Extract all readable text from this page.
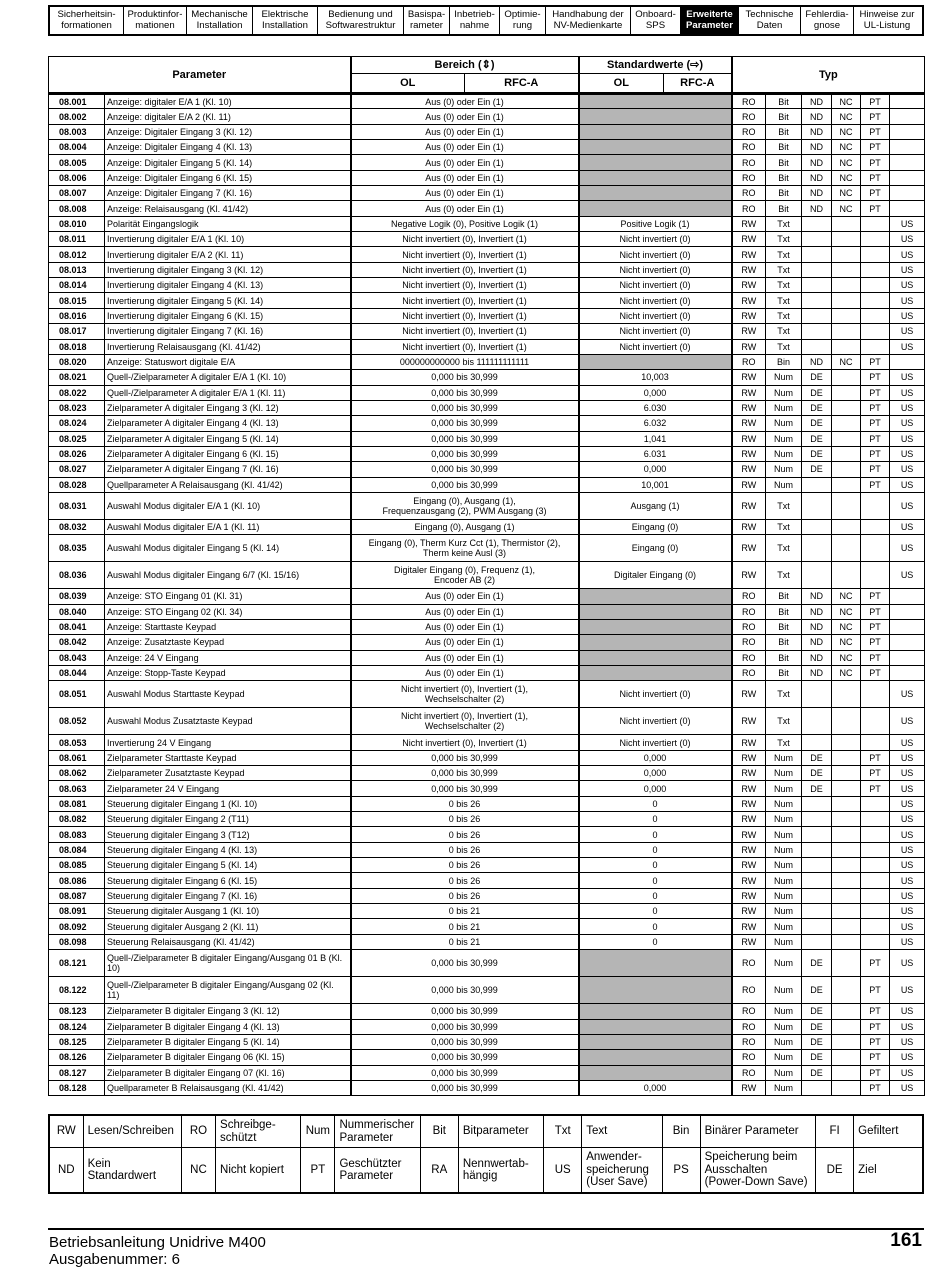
Sicherheitsin-
formationen
Produktinfor-
mationen
Mechanische
Installation
Elektrische
Installation
Bedienung und
Softwarestruktur
Basispa-
rameter
Inbetrieb-
nahme
Optimie-
rung
Handhabung der
NV-Medienkarte
Onboard-
SPS
Erweiterte
Parameter
Technische
Daten
Fehlerdia-
gnose
Hinweise zur
UL-Listung
Parameter		Bereich (⇕)		Standardwerte (⇨)		Typ					
		OL	RFC-A	OL	RFC-A						
08.001	Anzeige: digitaler E/A 1 (Kl. 10)	Aus (0) oder Ein (1)				RO	Bit	ND	NC	PT	
08.002	Anzeige: digitaler E/A 2 (Kl. 11)	Aus (0) oder Ein (1)				RO	Bit	ND	NC	PT	
08.003	Anzeige: Digitaler Eingang 3 (Kl. 12)	Aus (0) oder Ein (1)				RO	Bit	ND	NC	PT	
08.004	Anzeige: Digitaler Eingang 4 (Kl. 13)	Aus (0) oder Ein (1)				RO	Bit	ND	NC	PT	
08.005	Anzeige: Digitaler Eingang 5 (Kl. 14)	Aus (0) oder Ein (1)				RO	Bit	ND	NC	PT	
08.006	Anzeige: Digitaler Eingang 6 (Kl. 15)	Aus (0) oder Ein (1)				RO	Bit	ND	NC	PT	
08.007	Anzeige: Digitaler Eingang 7 (Kl. 16)	Aus (0) oder Ein (1)				RO	Bit	ND	NC	PT	
08.008	Anzeige: Relaisausgang (Kl. 41/42)	Aus (0) oder Ein (1)				RO	Bit	ND	NC	PT	
08.010	Polarität Eingangslogik	Negative Logik (0), Positive Logik (1)		Positive Logik (1)		RW	Txt				US
08.011	Invertierung digitaler E/A 1 (Kl. 10)	Nicht invertiert (0), Invertiert (1)		Nicht invertiert (0)		RW	Txt				US
08.012	Invertierung digitaler E/A 2 (Kl. 11)	Nicht invertiert (0), Invertiert (1)		Nicht invertiert (0)		RW	Txt				US
08.013	Invertierung digitaler Eingang 3 (Kl. 12)	Nicht invertiert (0), Invertiert (1)		Nicht invertiert (0)		RW	Txt				US
08.014	Invertierung digitaler Eingang 4 (Kl. 13)	Nicht invertiert (0), Invertiert (1)		Nicht invertiert (0)		RW	Txt				US
08.015	Invertierung digitaler Eingang 5 (Kl. 14)	Nicht invertiert (0), Invertiert (1)		Nicht invertiert (0)		RW	Txt				US
08.016	Invertierung digitaler Eingang 6 (Kl. 15)	Nicht invertiert (0), Invertiert (1)		Nicht invertiert (0)		RW	Txt				US
08.017	Invertierung digitaler Eingang 7 (Kl. 16)	Nicht invertiert (0), Invertiert (1)		Nicht invertiert (0)		RW	Txt				US
08.018	Invertierung Relaisausgang (Kl. 41/42)	Nicht invertiert (0), Invertiert (1)		Nicht invertiert (0)		RW	Txt				US
08.020	Anzeige: Statuswort digitale E/A	000000000000 bis 111111111111				RO	Bin	ND	NC	PT	
08.021	Quell-/Zielparameter A digitaler E/A 1 (Kl. 10)	0,000 bis 30,999		10,003		RW	Num	DE		PT	US
08.022	Quell-/Zielparameter A digitaler E/A 1 (Kl. 11)	0,000 bis 30,999		0,000		RW	Num	DE		PT	US
08.023	Zielparameter A digitaler Eingang 3 (Kl. 12)	0,000 bis 30,999		6.030		RW	Num	DE		PT	US
08.024	Zielparameter A digitaler Eingang 4 (Kl. 13)	0,000 bis 30,999		6.032		RW	Num	DE		PT	US
08.025	Zielparameter A digitaler Eingang 5 (Kl. 14)	0,000 bis 30,999		1,041		RW	Num	DE		PT	US
08.026	Zielparameter A digitaler Eingang 6 (Kl. 15)	0,000 bis 30,999		6.031		RW	Num	DE		PT	US
08.027	Zielparameter A digitaler Eingang 7 (Kl. 16)	0,000 bis 30,999		0,000		RW	Num	DE		PT	US
08.028	Quellparameter A Relaisausgang (Kl. 41/42)	0,000 bis 30,999		10,001		RW	Num			PT	US
08.031	Auswahl Modus digitaler E/A 1 (Kl. 10)	Eingang (0), Ausgang (1),
Frequenzausgang (2), PWM Ausgang (3)		Ausgang (1)		RW	Txt				US
08.032	Auswahl Modus digitaler E/A 1 (Kl. 11)	Eingang (0), Ausgang (1)		Eingang (0)		RW	Txt				US
08.035	Auswahl Modus digitaler Eingang 5 (Kl. 14)	Eingang (0), Therm Kurz Cct (1), Thermistor (2),
Therm keine Ausl (3)		Eingang (0)		RW	Txt				US
08.036	Auswahl Modus digitaler Eingang 6/7 (Kl. 15/16)	Digitaler Eingang (0), Frequenz (1),
Encoder AB (2)		Digitaler Eingang (0)		RW	Txt				US
08.039	Anzeige: STO Eingang 01 (Kl. 31)	Aus (0) oder Ein (1)				RO	Bit	ND	NC	PT	
08.040	Anzeige: STO Eingang 02 (Kl. 34)	Aus (0) oder Ein (1)				RO	Bit	ND	NC	PT	
08.041	Anzeige: Starttaste Keypad	Aus (0) oder Ein (1)				RO	Bit	ND	NC	PT	
08.042	Anzeige: Zusatztaste Keypad	Aus (0) oder Ein (1)				RO	Bit	ND	NC	PT	
08.043	Anzeige: 24 V Eingang	Aus (0) oder Ein (1)				RO	Bit	ND	NC	PT	
08.044	Anzeige: Stopp-Taste Keypad	Aus (0) oder Ein (1)				RO	Bit	ND	NC	PT	
08.051	Auswahl Modus Starttaste Keypad	Nicht invertiert (0), Invertiert (1),
Wechselschalter (2)		Nicht invertiert (0)		RW	Txt				US
08.052	Auswahl Modus Zusatztaste Keypad	Nicht invertiert (0), Invertiert (1),
Wechselschalter (2)		Nicht invertiert (0)		RW	Txt				US
08.053	Invertierung 24 V Eingang	Nicht invertiert (0), Invertiert (1)		Nicht invertiert (0)		RW	Txt				US
08.061	Zielparameter Starttaste Keypad	0,000 bis 30,999		0,000		RW	Num	DE		PT	US
08.062	Zielparameter Zusatztaste Keypad	0,000 bis 30,999		0,000		RW	Num	DE		PT	US
08.063	Zielparameter 24 V Eingang	0,000 bis 30,999		0,000		RW	Num	DE		PT	US
08.081	Steuerung digitaler Eingang 1 (Kl. 10)	0 bis 26		0		RW	Num				US
08.082	Steuerung digitaler Eingang 2 (T11)	0 bis 26		0		RW	Num				US
08.083	Steuerung digitaler Eingang 3 (T12)	0 bis 26		0		RW	Num				US
08.084	Steuerung digitaler Eingang 4 (Kl. 13)	0 bis 26		0		RW	Num				US
08.085	Steuerung digitaler Eingang 5 (Kl. 14)	0 bis 26		0		RW	Num				US
08.086	Steuerung digitaler Eingang 6 (Kl. 15)	0 bis 26		0		RW	Num				US
08.087	Steuerung digitaler Eingang 7 (Kl. 16)	0 bis 26		0		RW	Num				US
08.091	Steuerung digitaler Ausgang 1 (Kl. 10)	0 bis 21		0		RW	Num				US
08.092	Steuerung digitaler Ausgang 2 (Kl. 11)	0 bis 21		0		RW	Num				US
08.098	Steuerung Relaisausgang (Kl. 41/42)	0 bis 21		0		RW	Num				US
08.121	Quell-/Zielparameter B digitaler Eingang/Ausgang 01 B (Kl. 10)	0,000 bis 30,999				RO	Num	DE		PT	US
08.122	Quell-/Zielparameter B digitaler Eingang/Ausgang 02 (Kl. 11)	0,000 bis 30,999				RO	Num	DE		PT	US
08.123	Zielparameter B digitaler Eingang 3 (Kl. 12)	0,000 bis 30,999				RO	Num	DE		PT	US
08.124	Zielparameter B digitaler Eingang 4 (Kl. 13)	0,000 bis 30,999				RO	Num	DE		PT	US
08.125	Zielparameter B digitaler Eingang 5 (Kl. 14)	0,000 bis 30,999				RO	Num	DE		PT	US
08.126	Zielparameter B digitaler Eingang 06 (Kl. 15)	0,000 bis 30,999				RO	Num	DE		PT	US
08.127	Zielparameter B digitaler Eingang 07 (Kl. 16)	0,000 bis 30,999				RO	Num	DE		PT	US
08.128	Quellparameter B Relaisausgang (Kl. 41/42)	0,000 bis 30,999		0,000		RW	Num			PT	US
RW	Lesen/Schreiben	RO	Schreibge-
schützt	Num	Nummerischer
Parameter	Bit	Bitparameter	Txt	Text	Bin	Binärer Parameter	FI	Gefiltert
ND	Kein
Standardwert	NC	Nicht kopiert	PT	Geschützter
Parameter	RA	Nennwertab-
hängig	US	Anwender-
speicherung
(User Save)	PS	Speicherung beim
Ausschalten
(Power-Down Save)	DE	Ziel
Betriebsanleitung Unidrive M400
Ausgabenummer: 6
161
